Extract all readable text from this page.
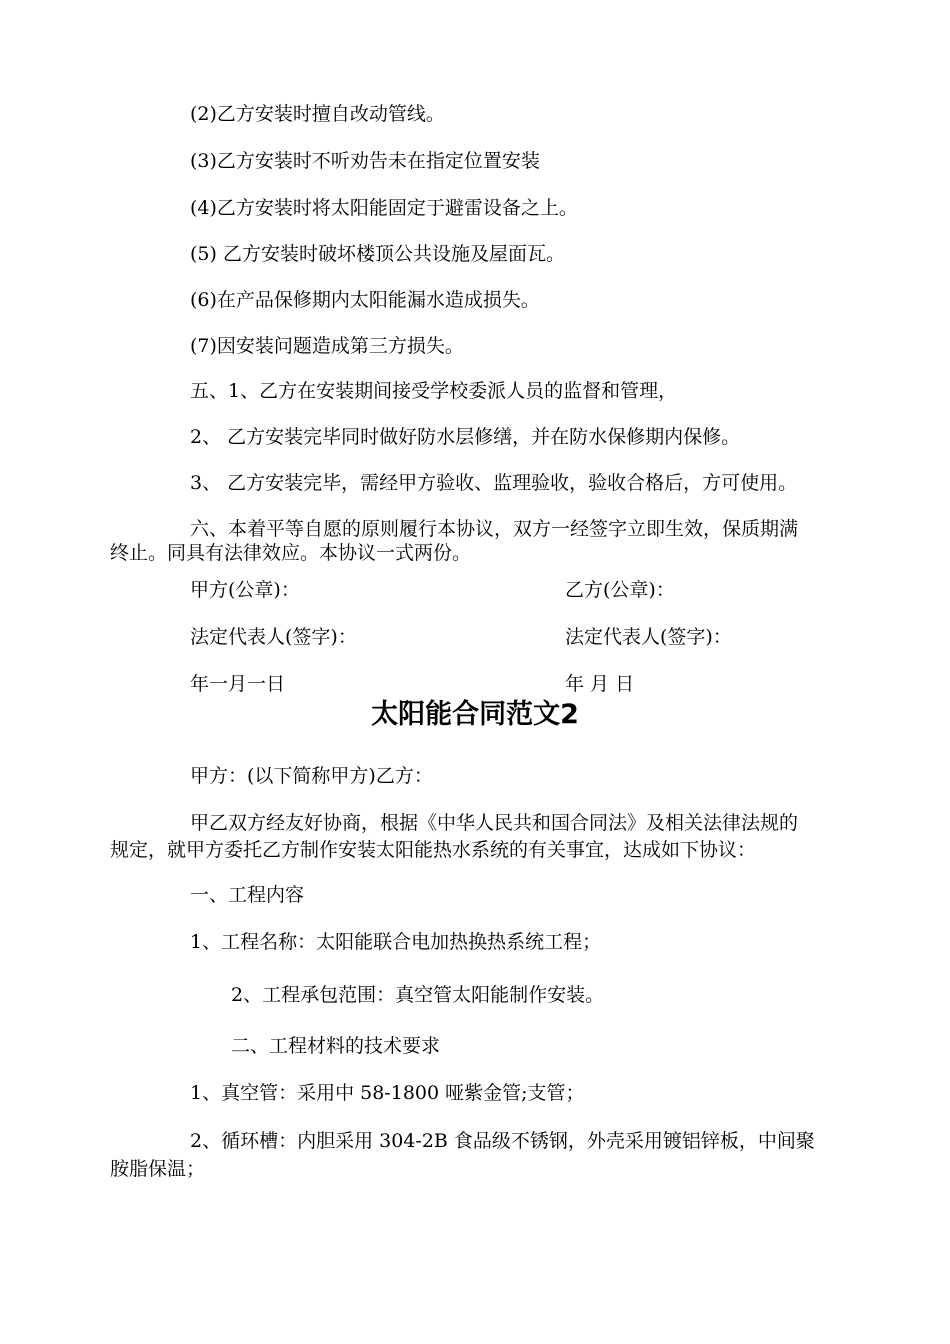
(2)乙方安装时擅自改动管线。

(3)乙方安装时不听劝告未在指定位置安装

(4)乙方安装时将太阳能固定于避雷设备之上。

(5) 乙方安装时破坏楼顶公共设施及屋面瓦。

(6)在产品保修期内太阳能漏水造成损失。

(7)因安装问题造成第三方损失。

五、1、乙方在安装期间接受学校委派人员的监督和管理，

2、 乙方安装完毕同时做好防水层修缮，并在防水保修期内保修。

3、 乙方安装完毕，需经甲方验收、监理验收，验收合格后，方可使用。

六、本着平等自愿的原则履行本协议，双方一经签字立即生效，保质期满

终止。同具有法律效应。本协议一式两份。

甲方(公章)：	乙方(公章)：

法定代表人(签字)：	法定代表人(签字)：

年一月一日	年 月 日

太阳能合同范文2

甲方：(以下简称甲方)乙方：

甲乙双方经友好协商，根据《中华人民共和国合同法》及相关法律法规的

规定，就甲方委托乙方制作安装太阳能热水系统的有关事宜，达成如下协议：

一、工程内容

1、工程名称：太阳能联合电加热换热系统工程；

2、工程承包范围：真空管太阳能制作安装。

二、工程材料的技术要求

1、真空管：采用中 58-1800 哑紫金管;支管；

2、循环槽：内胆采用 304-2B 食品级不锈钢，外壳采用镀铝锌板，中间聚

胺脂保温；
